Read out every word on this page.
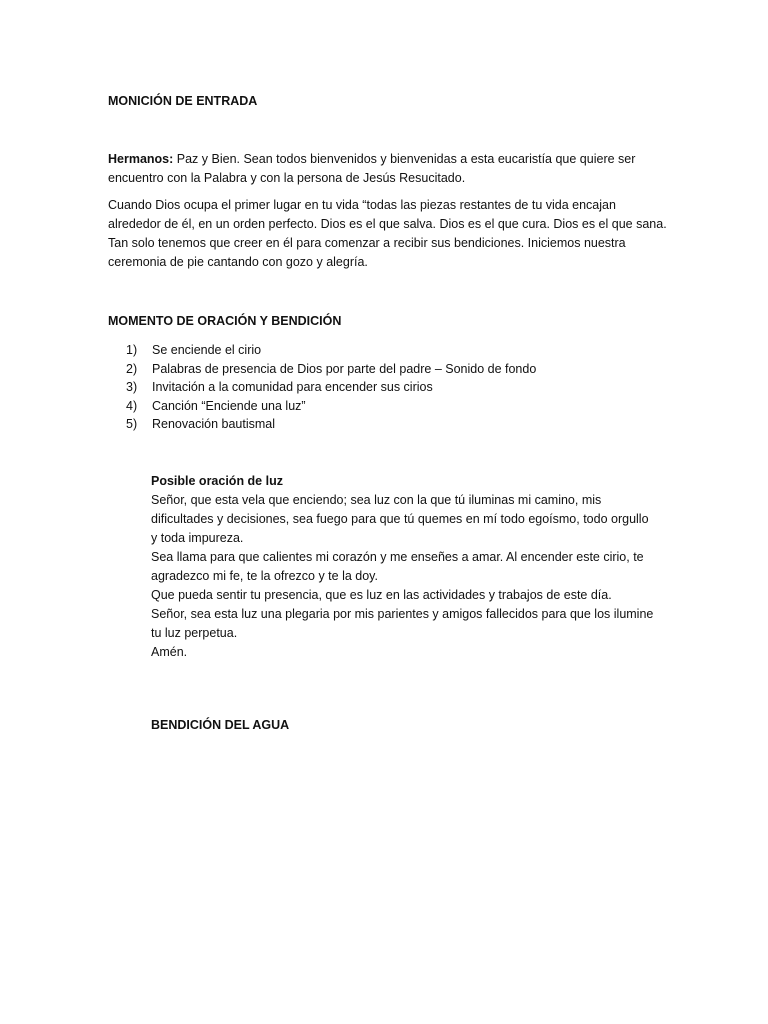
MONICIÓN DE ENTRADA
Hermanos: Paz y Bien. Sean todos bienvenidos y bienvenidas a esta eucaristía que quiere ser
encuentro con la Palabra y con la persona de Jesús Resucitado.
Cuando Dios ocupa el primer lugar en tu vida “todas las piezas restantes de tu vida encajan
alrededor de él, en un orden perfecto. Dios es el que salva. Dios es el que cura. Dios es el que sana.
Tan solo tenemos que creer en él para comenzar a recibir sus bendiciones. Iniciemos nuestra
ceremonia de pie cantando con gozo y alegría.
MOMENTO DE ORACIÓN Y BENDICIÓN
1) Se enciende el cirio
2) Palabras de presencia de Dios por parte del padre – Sonido de fondo
3) Invitación a la comunidad para encender sus cirios
4) Canción “Enciende una luz”
5) Renovación bautismal
Posible oración de luz
Señor, que esta vela que enciendo; sea luz con la que tú iluminas mi camino, mis
dificultades y decisiones, sea fuego para que tú quemes en mí todo egoísmo, todo orgullo
y toda impureza.
Sea llama para que calientes mi corazón y me enseñes a amar. Al encender este cirio, te
agradezco mi fe, te la ofrezco y te la doy.
Que pueda sentir tu presencia, que es luz en las actividades y trabajos de este día.
Señor, sea esta luz una plegaria por mis parientes y amigos fallecidos para que los ilumine
tu luz perpetua.
Amén.
BENDICIÓN DEL AGUA
